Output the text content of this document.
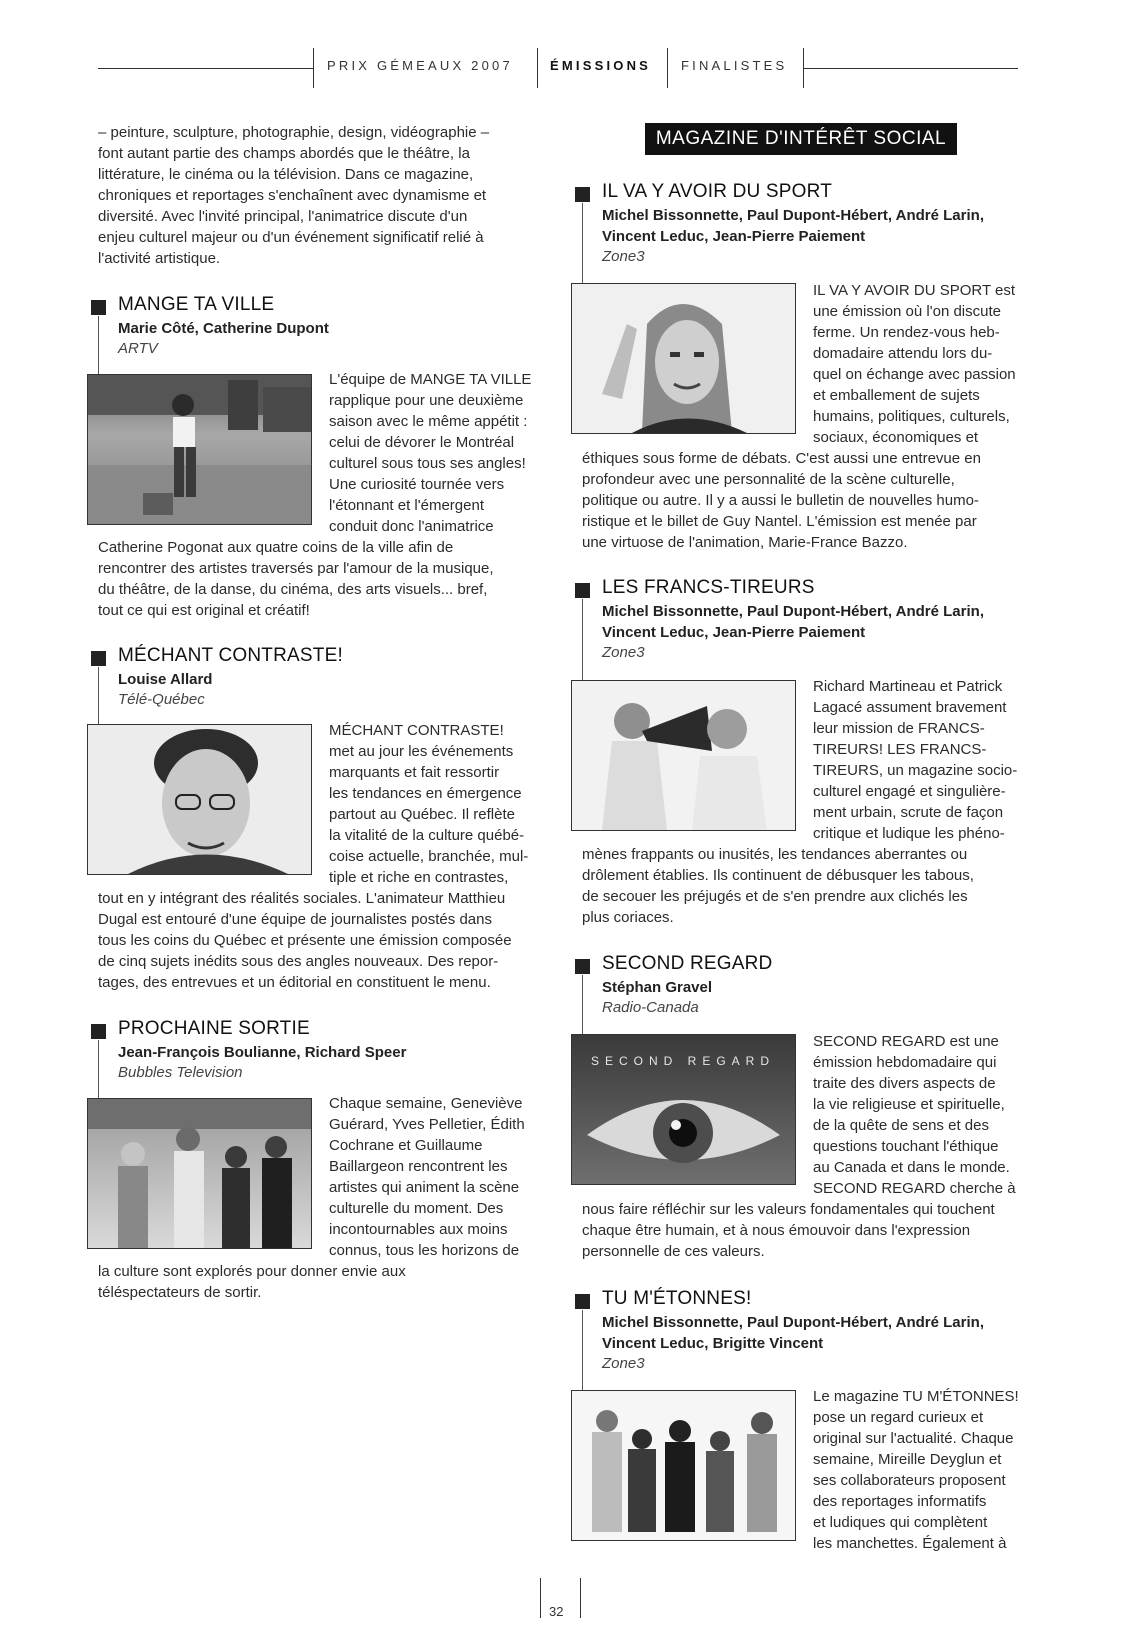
PRIX GÉMEAUX 2007	ÉMISSIONS FINALISTES

– peinture, sculpture, photographie, design, vidéographie –
font autant partie des champs abordés que le théâtre, la
littérature, le cinéma ou la télévision. Dans ce magazine,
chroniques et reportages s'enchaînent avec dynamisme et
diversité. Avec l'invité principal, l'animatrice discute d'un
enjeu culturel majeur ou d'un événement significatif relié à
l'activité artistique.

MANGE TA VILLE
Marie Côté, Catherine Dupont
ARTV

L'équipe de MANGE TA VILLE
rapplique pour une deuxième
saison avec le même appétit :
celui de dévorer le Montréal
culturel sous tous ses angles!
Une curiosité tournée vers
l'étonnant et l'émergent
conduit donc l'animatrice

Catherine Pogonat aux quatre coins de la ville afin de
rencontrer des artistes traversés par l'amour de la musique,
du théâtre, de la danse, du cinéma, des arts visuels... bref,
tout ce qui est original et créatif!

MÉCHANT CONTRASTE!
Louise Allard
Télé-Québec

MÉCHANT CONTRASTE!
met au jour les événements
marquants et fait ressortir
les tendances en émergence
partout au Québec. Il reflète
la vitalité de la culture québé-
coise actuelle, branchée, mul-
tiple et riche en contrastes,

tout en y intégrant des réalités sociales. L'animateur Matthieu
Dugal est entouré d'une équipe de journalistes postés dans
tous les coins du Québec et présente une émission composée
de cinq sujets inédits sous des angles nouveaux. Des repor-
tages, des entrevues et un éditorial en constituent le menu.

PROCHAINE SORTIE
Jean-François Boulianne, Richard Speer
Bubbles Television

Chaque semaine, Geneviève
Guérard, Yves Pelletier, Édith
Cochrane et Guillaume
Baillargeon rencontrent les
artistes qui animent la scène
culturelle du moment. Des
incontournables aux moins
connus, tous les horizons de

la culture sont explorés pour donner envie aux
téléspectateurs de sortir.

MAGAZINE D'INTÉRÊT SOCIAL
IL VA Y AVOIR DU SPORT
Michel Bissonnette, Paul Dupont-Hébert, André Larin,
Vincent Leduc, Jean-Pierre Paiement
Zone3

IL VA Y AVOIR DU SPORT est
une émission où l'on discute
ferme. Un rendez-vous heb-
domadaire attendu lors du-
quel on échange avec passion
et emballement de sujets
humains, politiques, culturels,
sociaux, économiques et

éthiques sous forme de débats. C'est aussi une entrevue en
profondeur avec une personnalité de la scène culturelle,
politique ou autre. Il y a aussi le bulletin de nouvelles humo-
ristique et le billet de Guy Nantel. L'émission est menée par
une virtuose de l'animation, Marie-France Bazzo.

LES FRANCS-TIREURS
Michel Bissonnette, Paul Dupont-Hébert, André Larin,
Vincent Leduc, Jean-Pierre Paiement
Zone3

Richard Martineau et Patrick
Lagacé assument bravement
leur mission de FRANCS-
TIREURS! LES FRANCS-
TIREURS, un magazine socio-
culturel engagé et singulière-
ment urbain, scrute de façon
critique et ludique les phéno-

mènes frappants ou inusités, les tendances aberrantes ou
drôlement établies. Ils continuent de débusquer les tabous,
de secouer les préjugés et de s'en prendre aux clichés les
plus coriaces.

SECOND REGARD
Stéphan Gravel
Radio-Canada
SECOND REGARD

SECOND REGARD est une
émission hebdomadaire qui
traite des divers aspects de
la vie religieuse et spirituelle,
de la quête de sens et des
questions touchant l'éthique
au Canada et dans le monde.
SECOND REGARD cherche à

nous faire réfléchir sur les valeurs fondamentales qui touchent
chaque être humain, et à nous émouvoir dans l'expression
personnelle de ces valeurs.

TU M'ÉTONNES!
Michel Bissonnette, Paul Dupont-Hébert, André Larin,
Vincent Leduc, Brigitte Vincent
Zone3

Le magazine TU M'ÉTONNES!
pose un regard curieux et
original sur l'actualité. Chaque
semaine, Mireille Deyglun et
ses collaborateurs proposent
des reportages informatifs
et ludiques qui complètent
les manchettes. Également à

32
